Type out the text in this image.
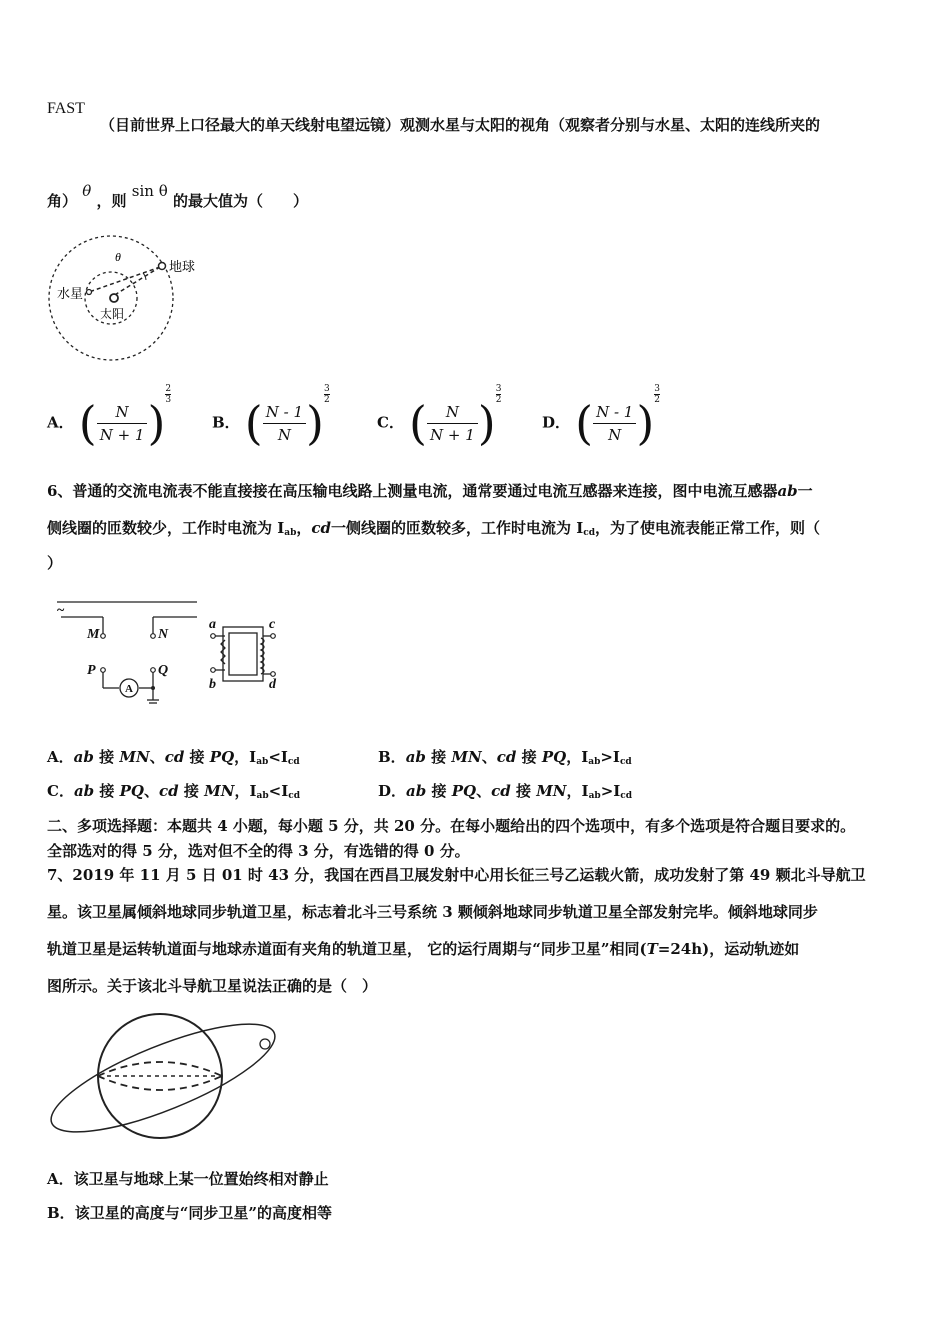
FAST
（目前世界上口径最大的单天线射电望远镜）观测水星与太阳的视角（观察者分别与水星、太阳的连线所夹的
角） θ ，则 sin θ 的最大值为（　　）
θ
地球
水星
太阳
A． ( $\frac{N}{N + 1}$ )
$\frac{2}{3}$
B． ( $\frac{N - 1}{N}$ )
$\frac{3}{2}$
C． ( $\frac{N}{N + 1}$ )
$\frac{3}{2}$
D． ( $\frac{N - 1}{N}$ )
$\frac{3}{2}$
6、普通的交流电流表不能直接接在高压输电线路上测量电流，通常要通过电流互感器来连接，图中电流互感器ab一
侧线圈的匝数较少，工作时电流为 $I_{ab}$，cd一侧线圈的匝数较多，工作时电流为 $I_{cd}$，为了使电流表能正常工作，则（
）
~
M	N
P	Q
A
a
b
c
d
A．ab 接 MN、cd 接 PQ，$I_{ab}<I_{cd}$	B．ab 接 MN、cd 接 PQ，$I_{ab}>I_{cd}$
C．ab 接 PQ、cd 接 MN，$I_{ab}<I_{cd}$	D．ab 接 PQ、cd 接 MN，$I_{ab}>I_{cd}$
二、多项选择题：本题共 4 小题，每小题 5 分，共 20 分。在每小题给出的四个选项中，有多个选项是符合题目要求的。
全部选对的得 5 分，选对但不全的得 3 分，有选错的得 0 分。
7、2019 年 11 月 5 日 01 时 43 分，我国在西昌卫展发射中心用长征三号乙运载火箭，成功发射了第 49 颗北斗导航卫
星。该卫星属倾斜地球同步轨道卫星，标志着北斗三号系统 3 颗倾斜地球同步轨道卫星全部发射完毕。倾斜地球同步
轨道卫星是运转轨道面与地球赤道面有夹角的轨道卫星， 它的运行周期与“同步卫星”相同(T=24h)，运动轨迹如
图所示。关于该北斗导航卫星说法正确的是（　）
A．该卫星与地球上某一位置始终相对静止
B．该卫星的高度与“同步卫星”的高度相等
